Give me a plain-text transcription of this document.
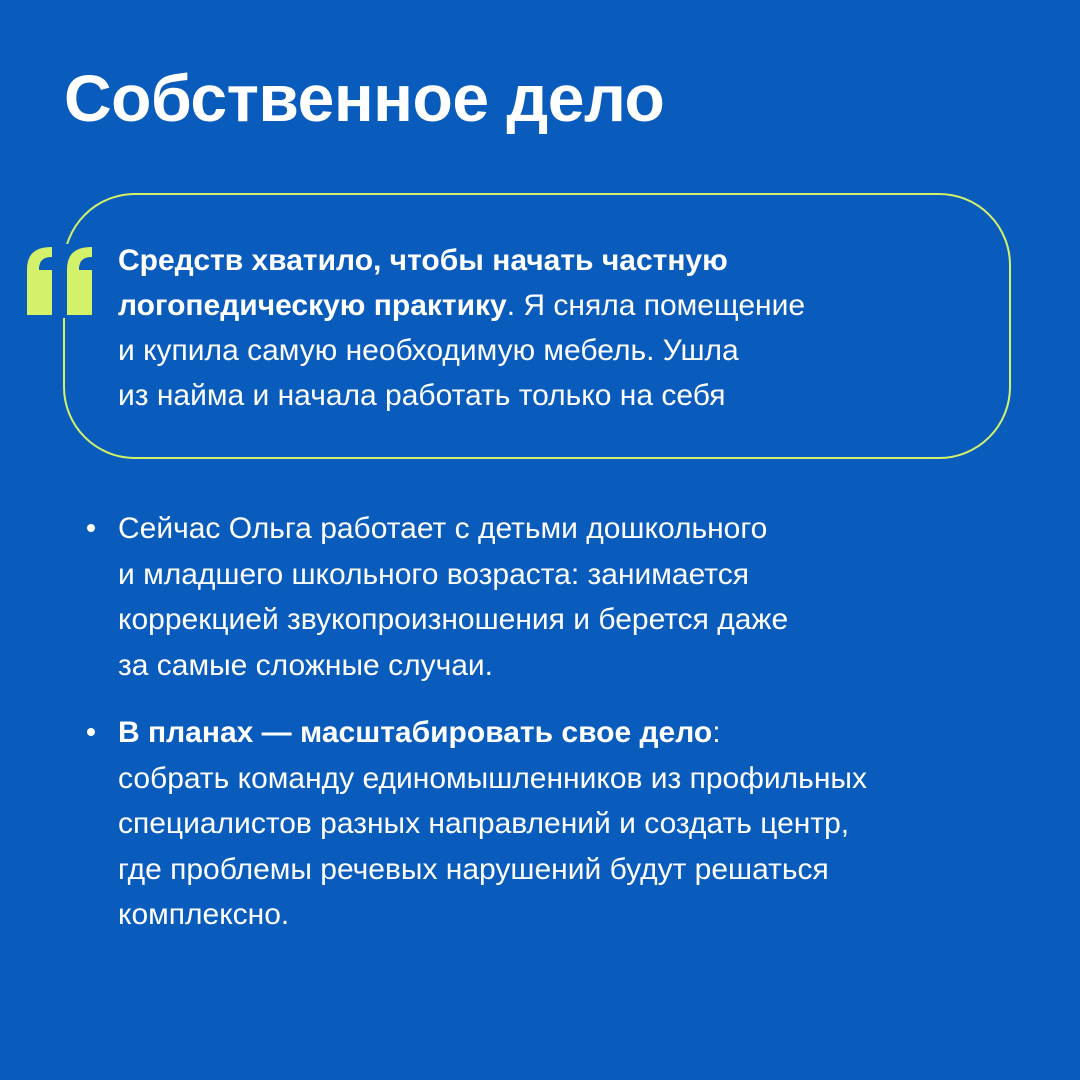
Собственное дело

Средств хватило, чтобы начать частную
логопедическую практику. Я сняла помещение
и купила самую необходимую мебель. Ушла
из найма и начала работать только на себя

Сейчас Ольга работает с детьми дошкольного
и младшего школьного возраста: занимается
коррекцией звукопроизношения и берется даже
за самые сложные случаи.
В планах — масштабировать свое дело:
собрать команду единомышленников из профильных
специалистов разных направлений и создать центр,
где проблемы речевых нарушений будут решаться
комплексно.
